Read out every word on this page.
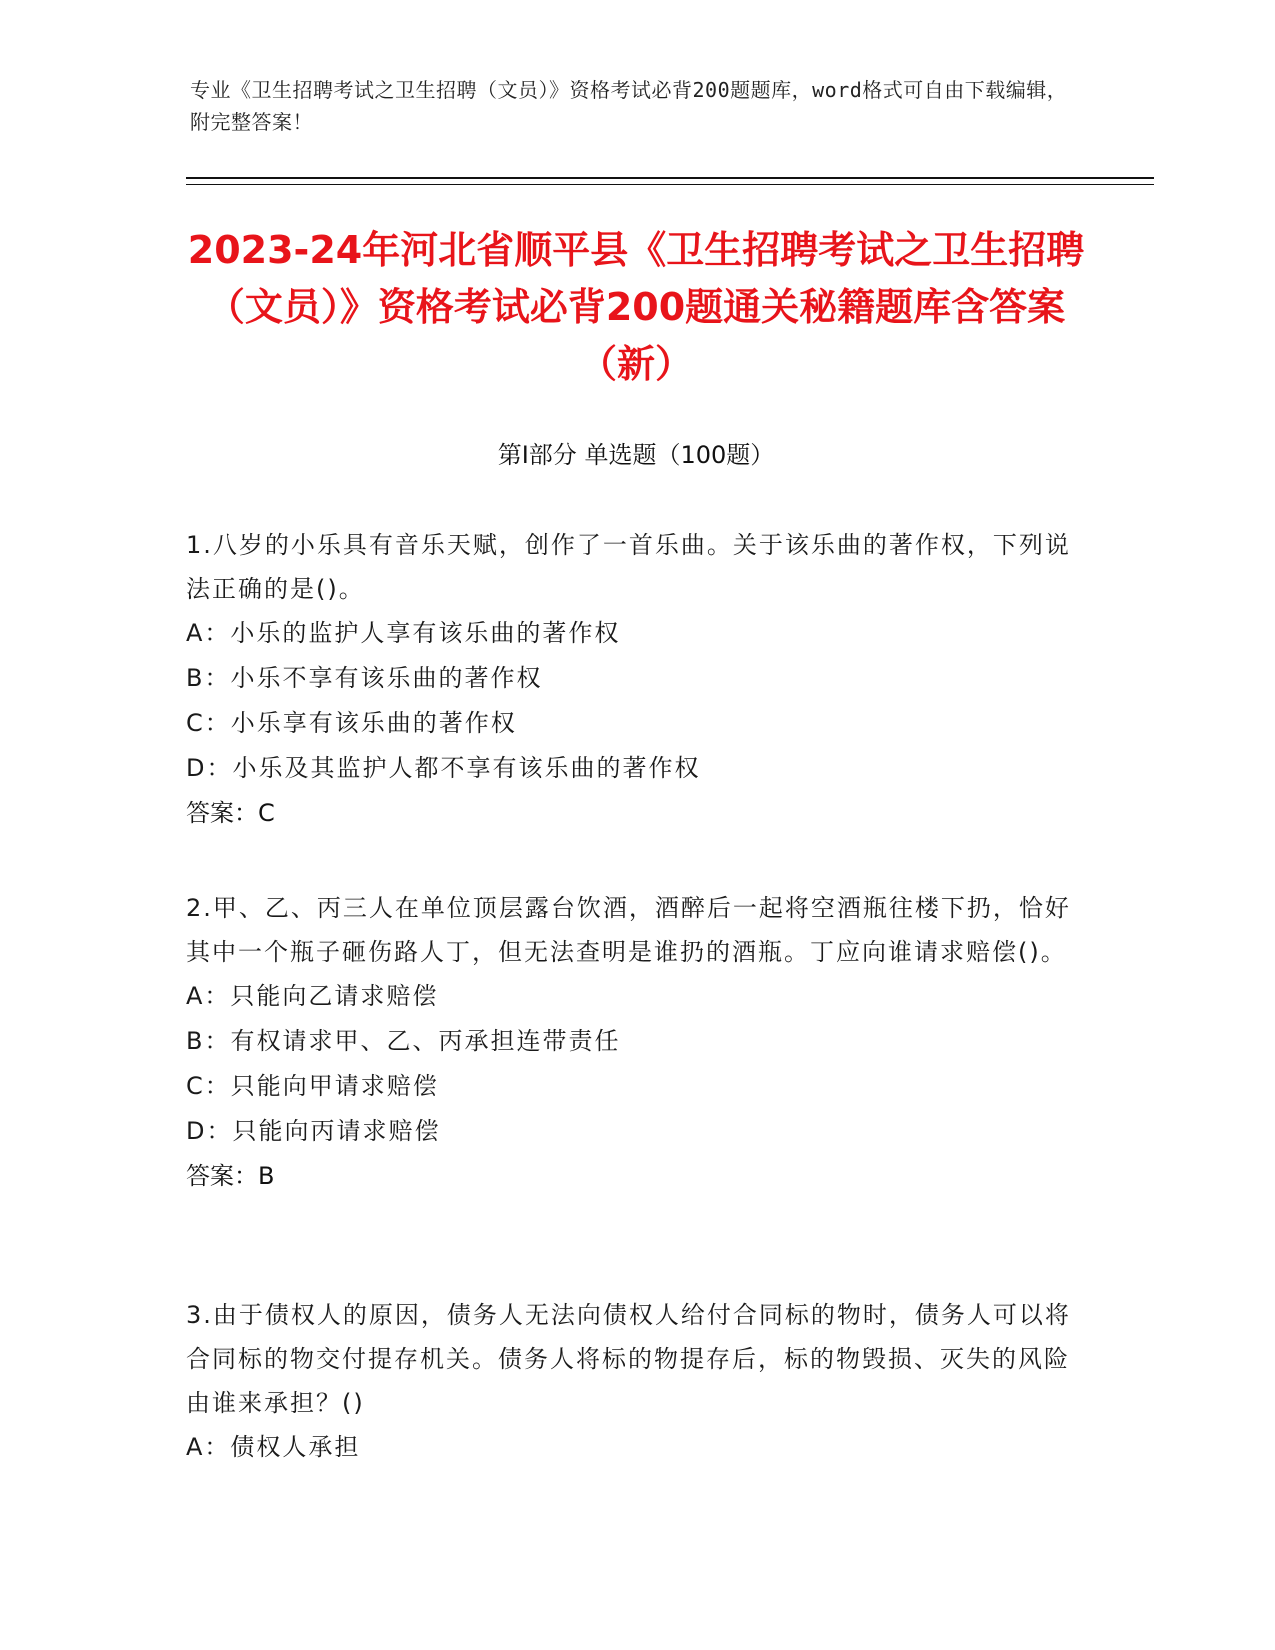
专业《卫生招聘考试之卫生招聘（文员）》资格考试必背200题题库，word格式可自由下载编辑，附完整答案！
2023-24年河北省顺平县《卫生招聘考试之卫生招聘（文员）》资格考试必背200题通关秘籍题库含答案（新）
第I部分 单选题（100题）
1.八岁的小乐具有音乐天赋，创作了一首乐曲。关于该乐曲的著作权，下列说法正确的是()。
A：小乐的监护人享有该乐曲的著作权
B：小乐不享有该乐曲的著作权
C：小乐享有该乐曲的著作权
D：小乐及其监护人都不享有该乐曲的著作权
答案：C
2.甲、乙、丙三人在单位顶层露台饮酒，酒醉后一起将空酒瓶往楼下扔，恰好其中一个瓶子砸伤路人丁，但无法查明是谁扔的酒瓶。丁应向谁请求赔偿()。
A：只能向乙请求赔偿
B：有权请求甲、乙、丙承担连带责任
C：只能向甲请求赔偿
D：只能向丙请求赔偿
答案：B
3.由于债权人的原因，债务人无法向债权人给付合同标的物时，债务人可以将合同标的物交付提存机关。债务人将标的物提存后，标的物毁损、灭失的风险由谁来承担？()
A：债权人承担
